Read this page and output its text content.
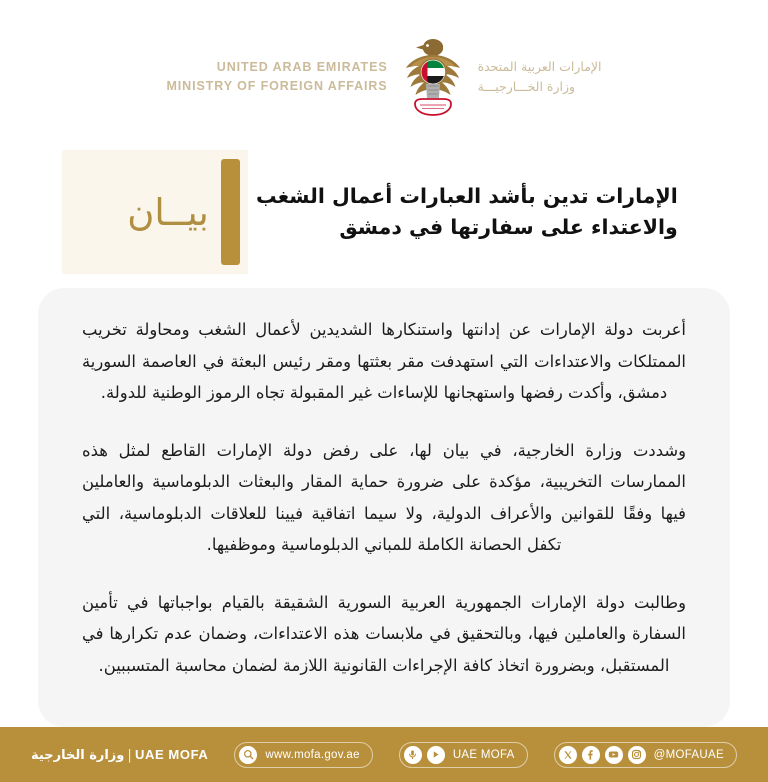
UNITED ARAB EMIRATES
MINISTRY OF FOREIGN AFFAIRS
الإمارات العربية المتحدة
وزارة الخـــارجيـــة
الإمارات تدين بأشد العبارات أعمال الشغب
والاعتداء على سفارتها في دمشق
بيــان

أعربت دولة الإمارات عن إدانتها واستنكارها الشديدين لأعمال الشغب ومحاولة تخريب الممتلكات والاعتداءات التي استهدفت مقر بعثتها ومقر رئيس البعثة في العاصمة السورية دمشق، وأكدت رفضها واستهجانها للإساءات غير المقبولة تجاه الرموز الوطنية للدولة.

وشددت وزارة الخارجية، في بيان لها، على رفض دولة الإمارات القاطع لمثل هذه الممارسات التخريبية، مؤكدة على ضرورة حماية المقار والبعثات الدبلوماسية والعاملين فيها وفقًا للقوانين والأعراف الدولية، ولا سيما اتفاقية فيينا للعلاقات الدبلوماسية، التي تكفل الحصانة الكاملة للمباني الدبلوماسية وموظفيها.

وطالبت دولة الإمارات الجمهورية العربية السورية الشقيقة بالقيام بواجباتها في تأمين السفارة والعاملين فيها، وبالتحقيق في ملابسات هذه الاعتداءات، وضمان عدم تكرارها في المستقبل، وبضرورة اتخاذ كافة الإجراءات القانونية اللازمة لضمان محاسبة المتسببين.

UAE MOFA|وزارة الخارجية	www.mofa.gov.ae	UAE MOFA	@MOFAUAE
